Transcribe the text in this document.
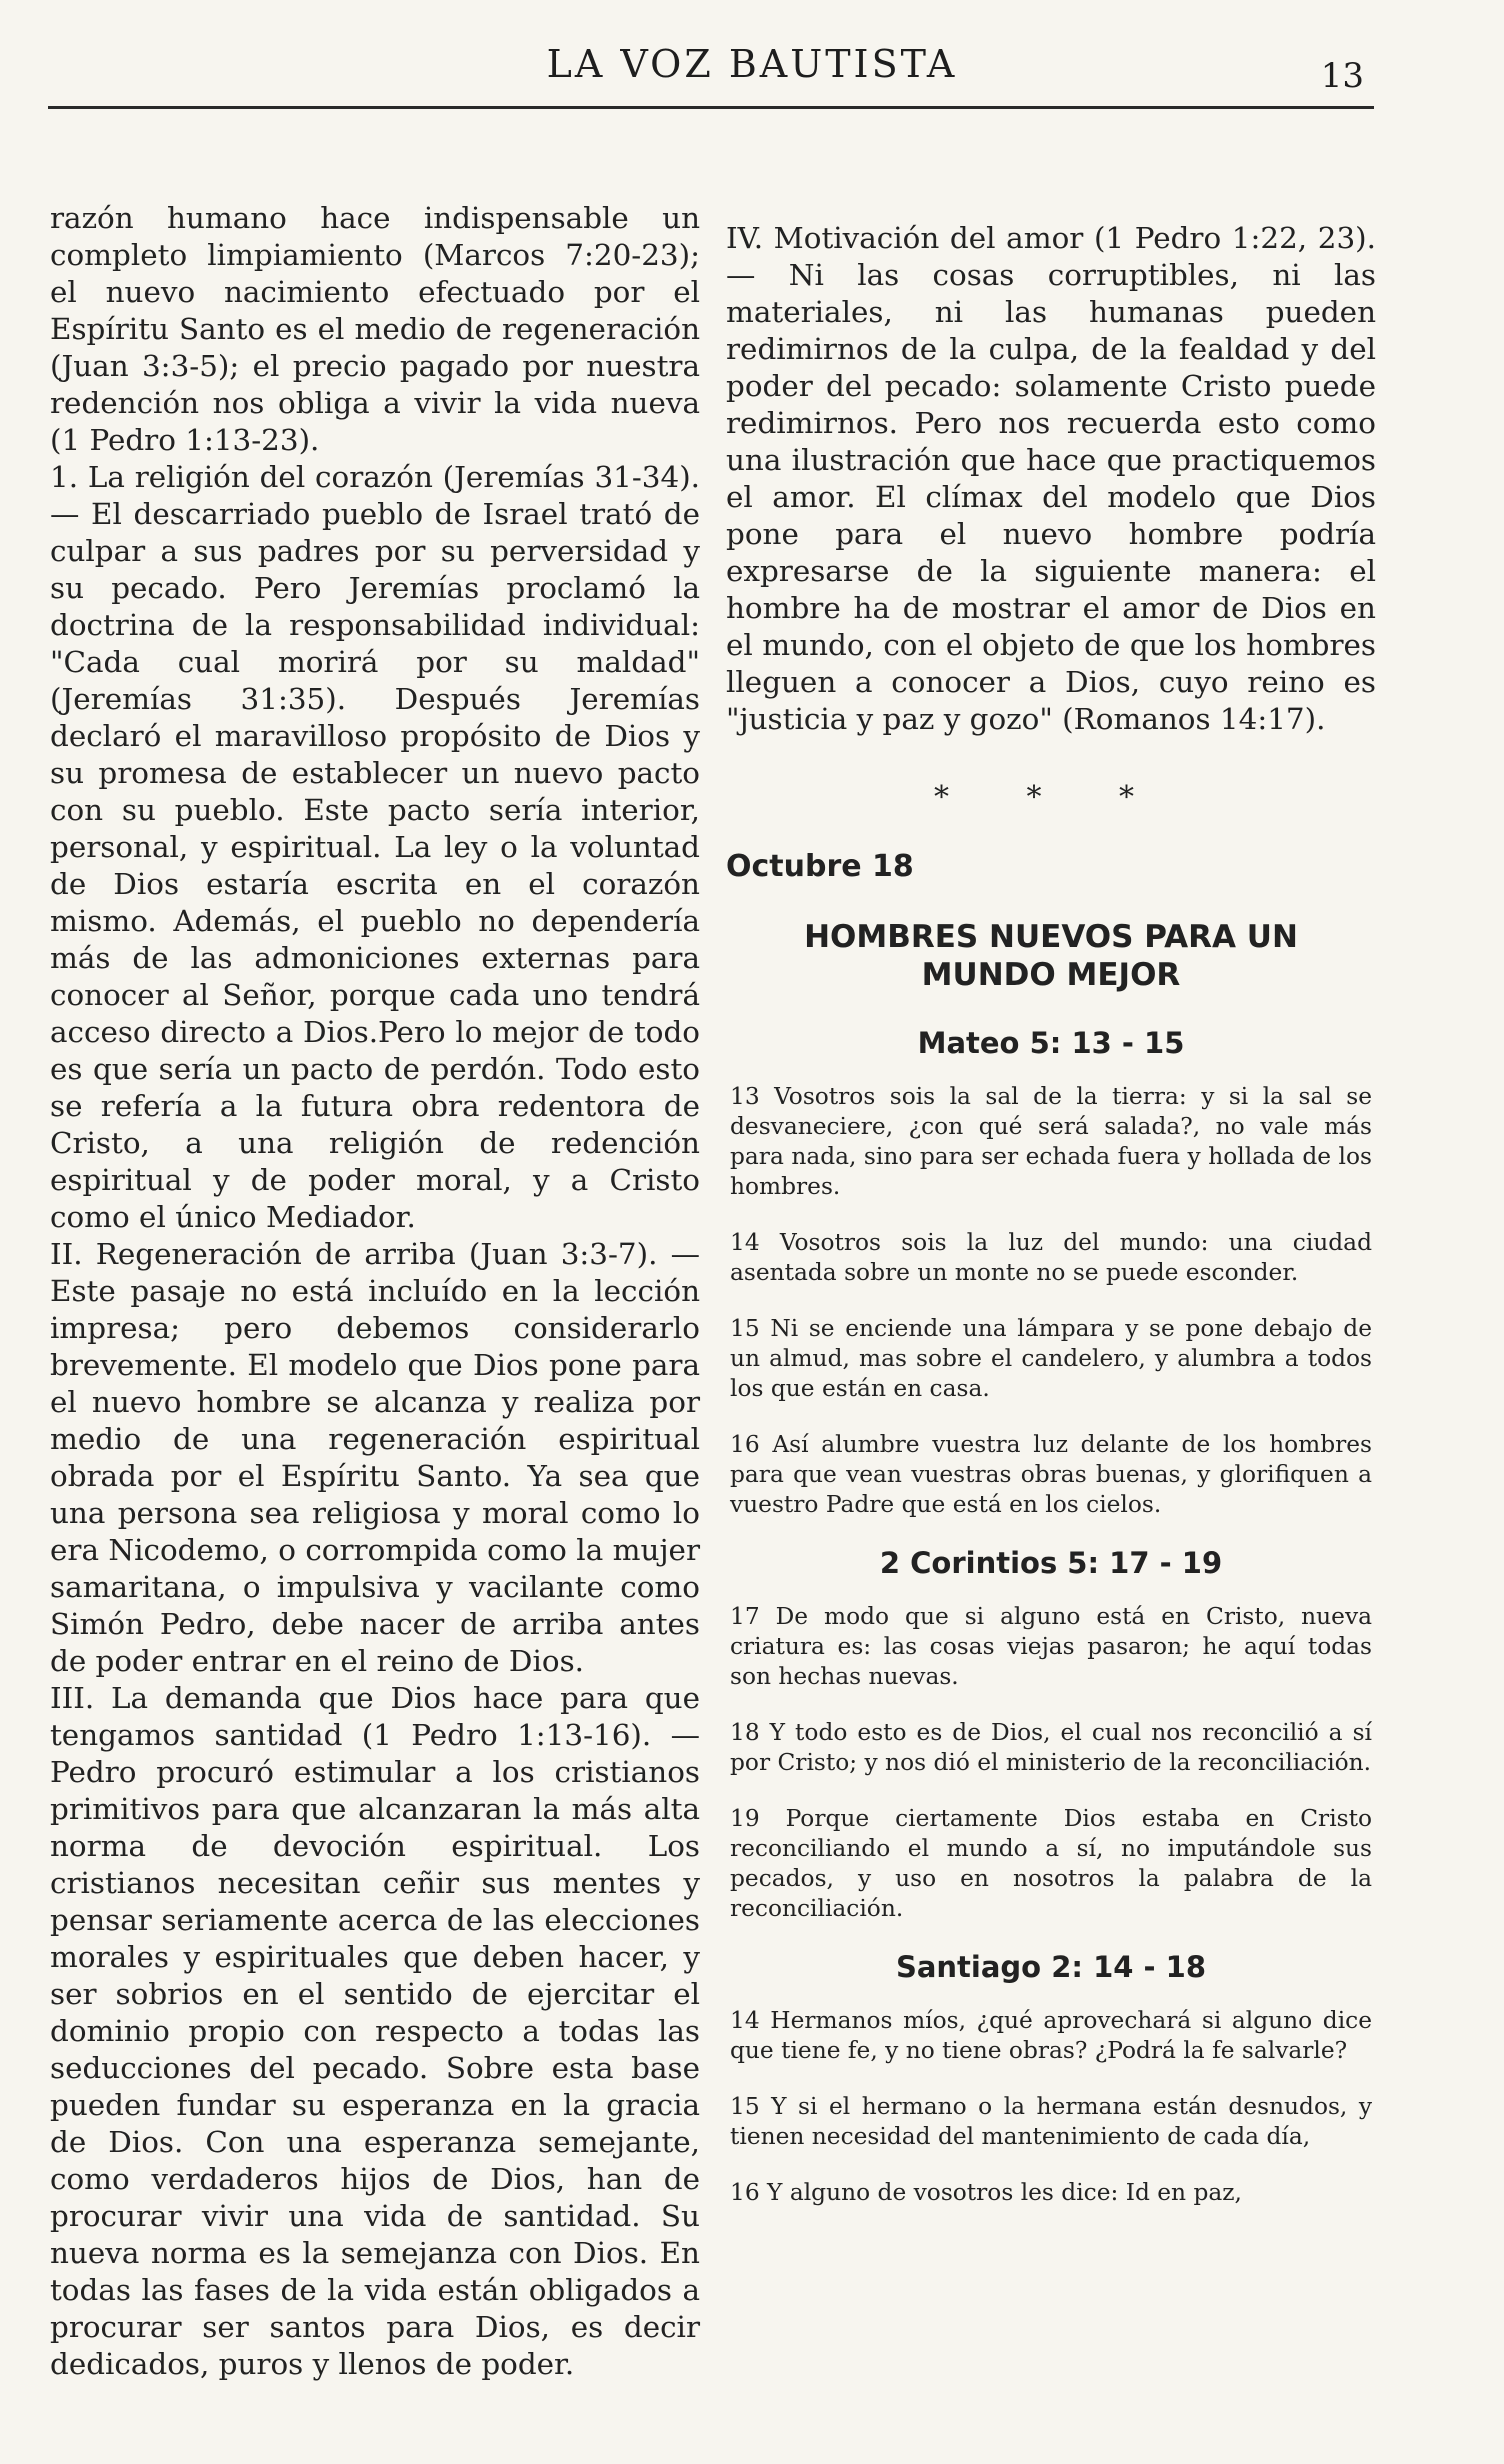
LA VOZ BAUTISTA	13

razón humano hace indispensable un completo limpiamiento (Marcos 7:20-23); el nuevo nacimiento efectuado por el Espíritu Santo es el medio de regeneración (Juan 3:3-5); el precio pagado por nuestra redención nos obliga a vivir la vida nueva (1 Pedro 1:13-23).

1. La religión del corazón (Jeremías 31-34). — El descarriado pueblo de Israel trató de culpar a sus padres por su perversidad y su pecado. Pero Jeremías proclamó la doctrina de la responsabilidad individual: "Cada cual morirá por su maldad" (Jeremías 31:35). Después Jeremías declaró el maravilloso propósito de Dios y su promesa de establecer un nuevo pacto con su pueblo. Este pacto sería interior, personal, y espiritual. La ley o la voluntad de Dios estaría escrita en el corazón mismo. Además, el pueblo no dependería más de las admoniciones externas para conocer al Señor, porque cada uno tendrá acceso directo a Dios.Pero lo mejor de todo es que sería un pacto de perdón. Todo esto se refería a la futura obra redentora de Cristo, a una religión de redención espiritual y de poder moral, y a Cristo como el único Mediador.

II. Regeneración de arriba (Juan 3:3-7). — Este pasaje no está incluído en la lección impresa; pero debemos considerarlo brevemente. El modelo que Dios pone para el nuevo hombre se alcanza y realiza por medio de una regeneración espiritual obrada por el Espíritu Santo. Ya sea que una persona sea religiosa y moral como lo era Nicodemo, o corrompida como la mujer samaritana, o impulsiva y vacilante como Simón Pedro, debe nacer de arriba antes de poder entrar en el reino de Dios.

III. La demanda que Dios hace para que tengamos santidad (1 Pedro 1:13-16). — Pedro procuró estimular a los cristianos primitivos para que alcanzaran la más alta norma de devoción espiritual. Los cristianos necesitan ceñir sus mentes y pensar seriamente acerca de las elecciones morales y espirituales que deben hacer, y ser sobrios en el sentido de ejercitar el dominio propio con respecto a todas las seducciones del pecado. Sobre esta base pueden fundar su esperanza en la gracia de Dios. Con una esperanza semejante, como verdaderos hijos de Dios, han de procurar vivir una vida de santidad. Su nueva norma es la semejanza con Dios. En todas las fases de la vida están obligados a procurar ser santos para Dios, es decir dedicados, puros y llenos de poder.

IV. Motivación del amor (1 Pedro 1:22, 23). — Ni las cosas corruptibles, ni las materiales, ni las humanas pueden redimirnos de la culpa, de la fealdad y del poder del pecado: solamente Cristo puede redimirnos. Pero nos recuerda esto como una ilustración que hace que practiquemos el amor. El clímax del modelo que Dios pone para el nuevo hombre podría expresarse de la siguiente manera: el hombre ha de mostrar el amor de Dios en el mundo, con el objeto de que los hombres lleguen a conocer a Dios, cuyo reino es "justicia y paz y gozo" (Romanos 14:17).

* * *
Octubre 18
HOMBRES NUEVOS PARA UN MUNDO MEJOR
Mateo 5: 13 - 15

13 Vosotros sois la sal de la tierra: y si la sal se desvaneciere, ¿con qué será salada?, no vale más para nada, sino para ser echada fuera y hollada de los hombres.

14 Vosotros sois la luz del mundo: una ciudad asentada sobre un monte no se puede esconder.

15 Ni se enciende una lámpara y se pone debajo de un almud, mas sobre el candelero, y alumbra a todos los que están en casa.

16 Así alumbre vuestra luz delante de los hombres para que vean vuestras obras buenas, y glorifiquen a vuestro Padre que está en los cielos.

2 Corintios 5: 17 - 19

17 De modo que si alguno está en Cristo, nueva criatura es: las cosas viejas pasaron; he aquí todas son hechas nuevas.

18 Y todo esto es de Dios, el cual nos reconcilió a sí por Cristo; y nos dió el ministerio de la reconciliación.

19 Porque ciertamente Dios estaba en Cristo reconciliando el mundo a sí, no imputándole sus pecados, y uso en nosotros la palabra de la reconciliación.

Santiago 2: 14 - 18

14 Hermanos míos, ¿qué aprovechará si alguno dice que tiene fe, y no tiene obras? ¿Podrá la fe salvarle?

15 Y si el hermano o la hermana están desnudos, y tienen necesidad del mantenimiento de cada día,

16 Y alguno de vosotros les dice: Id en paz,
